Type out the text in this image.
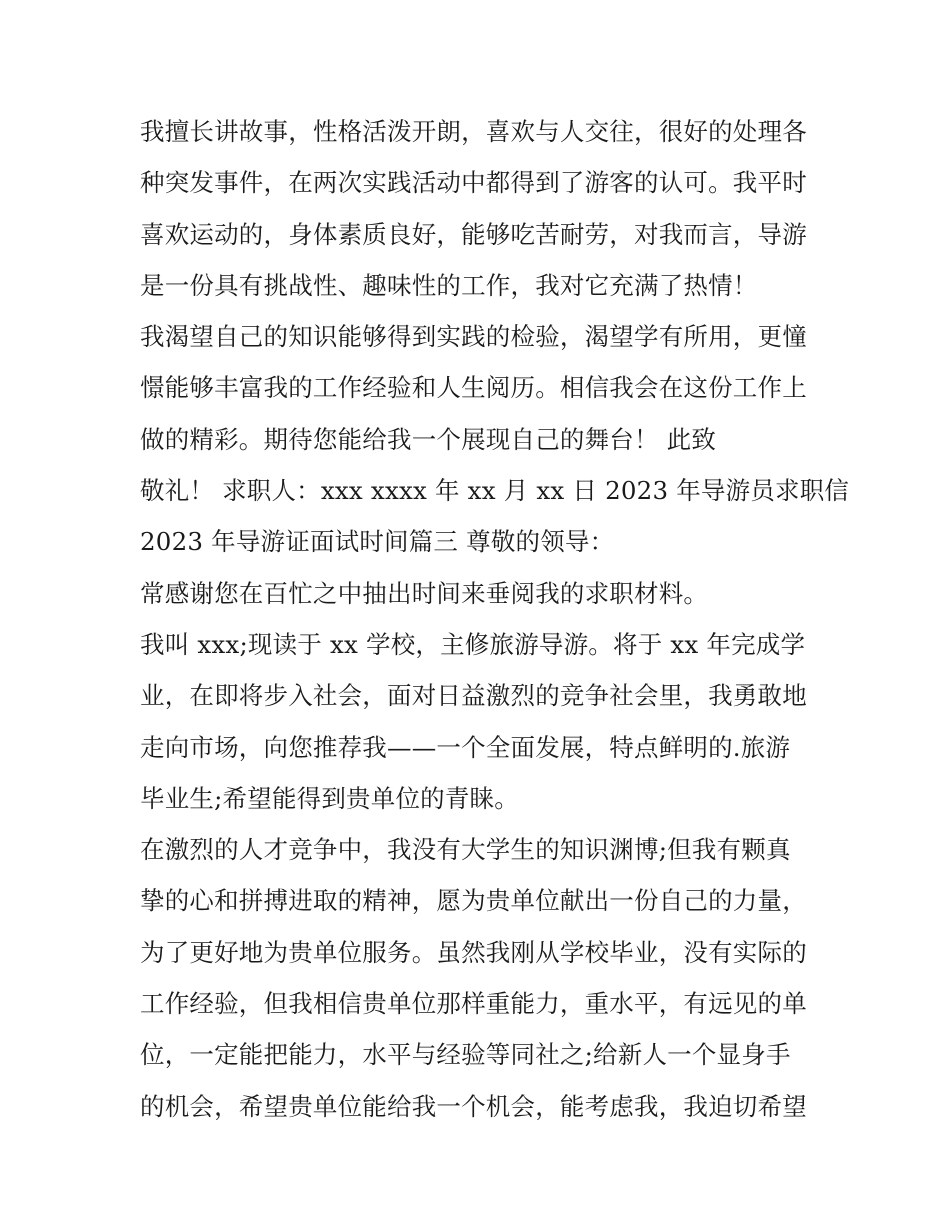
我擅长讲故事，性格活泼开朗，喜欢与人交往，很好的处理各
种突发事件，在两次实践活动中都得到了游客的认可。我平时
喜欢运动的，身体素质良好，能够吃苦耐劳，对我而言，导游
是一份具有挑战性、趣味性的工作，我对它充满了热情！
我渴望自己的知识能够得到实践的检验，渴望学有所用，更憧
憬能够丰富我的工作经验和人生阅历。相信我会在这份工作上
做的精彩。期待您能给我一个展现自己的舞台！ 此致
敬礼！ 求职人：xxx xxxx 年 xx 月 xx 日 2023 年导游员求职信
2023 年导游证面试时间篇三 尊敬的领导：
常感谢您在百忙之中抽出时间来垂阅我的求职材料。
我叫 xxx;现读于 xx 学校，主修旅游导游。将于 xx 年完成学
业，在即将步入社会，面对日益激烈的竞争社会里，我勇敢地
走向市场，向您推荐我——一个全面发展，特点鲜明的.旅游
毕业生;希望能得到贵单位的青睐。
在激烈的人才竞争中，我没有大学生的知识渊博;但我有颗真
挚的心和拼搏进取的精神，愿为贵单位献出一份自己的力量，
为了更好地为贵单位服务。虽然我刚从学校毕业，没有实际的
工作经验，但我相信贵单位那样重能力，重水平，有远见的单
位，一定能把能力，水平与经验等同社之;给新人一个显身手
的机会，希望贵单位能给我一个机会，能考虑我，我迫切希望
